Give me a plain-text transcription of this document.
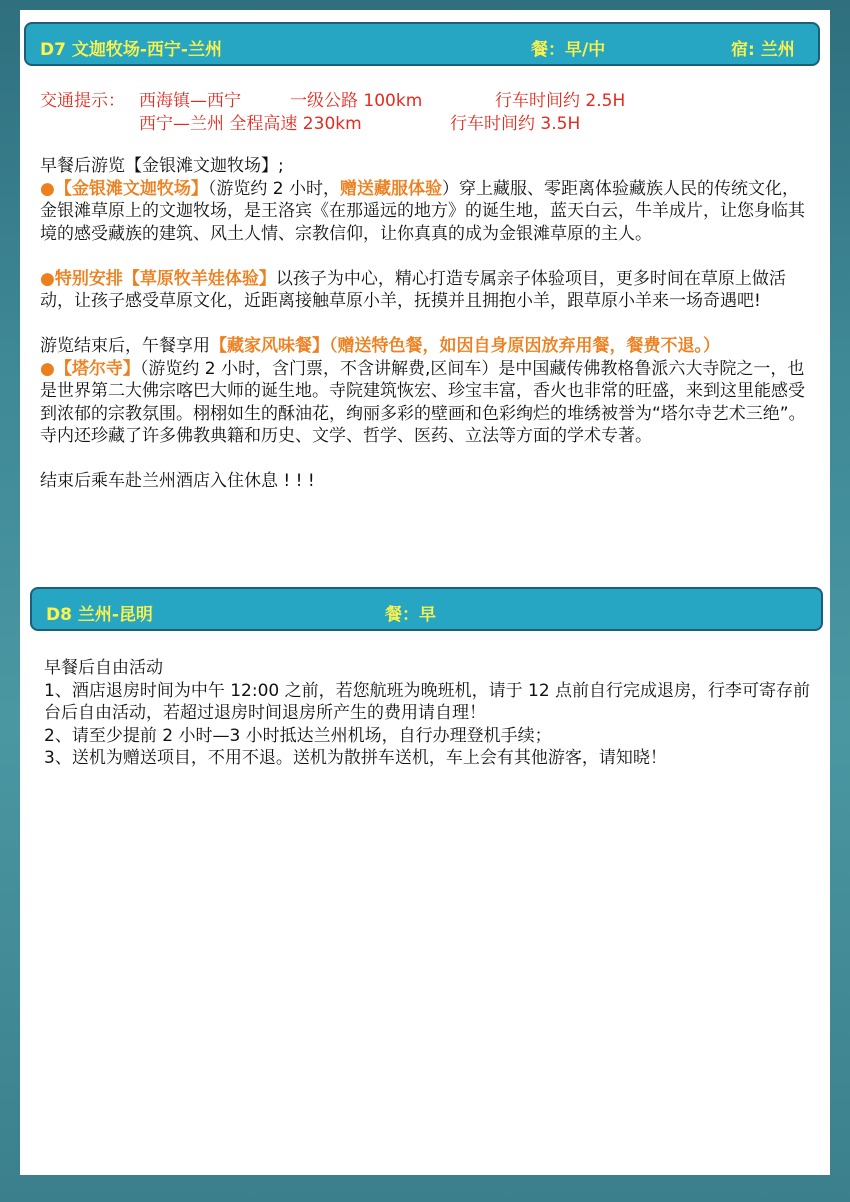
D7 文迦牧场-西宁-兰州	餐：早/中	宿: 兰州
交通提示： 西海镇—西宁	一级公路 100km	行车时间约 2.5H
西宁—兰州 全程高速 230km	行车时间约 3.5H

早餐后游览【金银滩文迦牧场】;

●【金银滩文迦牧场】（游览约 2 小时，赠送藏服体验）穿上藏服、零距离体验藏族人民的传统文化，金银滩草原上的文迦牧场，是王洛宾《在那遥远的地方》的诞生地，蓝天白云，牛羊成片，让您身临其境的感受藏族的建筑、风土人情、宗教信仰，让你真真的成为金银滩草原的主人。

●特别安排【草原牧羊娃体验】以孩子为中心，精心打造专属亲子体验项目，更多时间在草原上做活动，让孩子感受草原文化，近距离接触草原小羊，抚摸并且拥抱小羊，跟草原小羊来一场奇遇吧!

游览结束后，午餐享用【藏家风味餐】（赠送特色餐，如因自身原因放弃用餐，餐费不退。）

●【塔尔寺】（游览约 2 小时，含门票，不含讲解费,区间车）是中国藏传佛教格鲁派六大寺院之一，也是世界第二大佛宗喀巴大师的诞生地。寺院建筑恢宏、珍宝丰富，香火也非常的旺盛，来到这里能感受到浓郁的宗教氛围。栩栩如生的酥油花，绚丽多彩的壁画和色彩绚烂的堆绣被誉为“塔尔寺艺术三绝”。寺内还珍藏了许多佛教典籍和历史、文学、哲学、医药、立法等方面的学术专著。

结束后乘车赴兰州酒店入住休息 ! ! !

D8 兰州-昆明	餐：早

早餐后自由活动

1、酒店退房时间为中午 12:00 之前，若您航班为晚班机，请于 12 点前自行完成退房，行李可寄存前台后自由活动，若超过退房时间退房所产生的费用请自理！

2、请至少提前 2 小时—3 小时抵达兰州机场，自行办理登机手续；

3、送机为赠送项目，不用不退。送机为散拼车送机，车上会有其他游客，请知晓！
